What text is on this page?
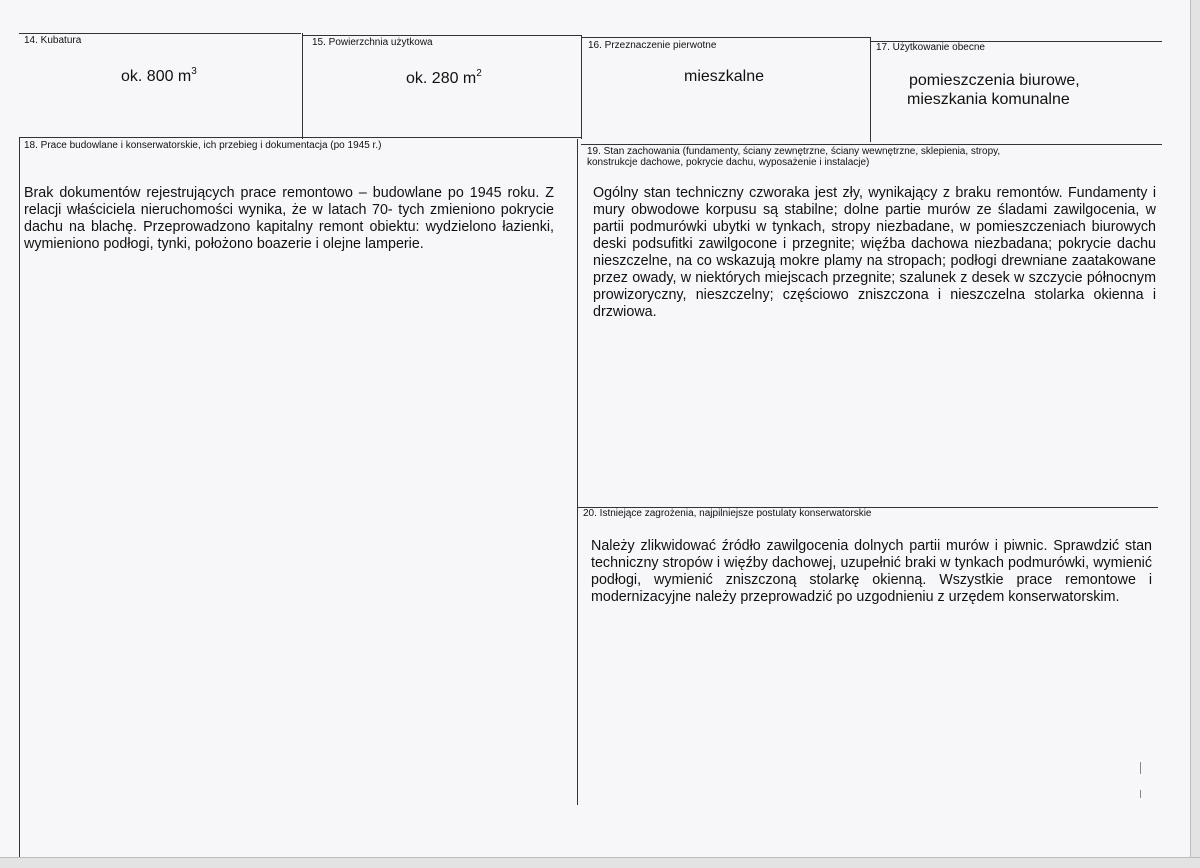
14. Kubatura
ok. 800 $m^3$
15. Powierzchnia użytkowa
ok. 280 $m^2$
16. Przeznaczenie pierwotne
mieszkalne
17. Użytkowanie obecne
pomieszczenia biurowe,
mieszkania komunalne
18. Prace budowlane i konserwatorskie, ich przebieg i dokumentacja (po 1945 r.)
Brak dokumentów rejestrujących prace remontowo – budowlane po 1945 roku. Z relacji właściciela nieruchomości wynika, że w latach 70- tych zmieniono pokrycie dachu na blachę. Przeprowadzono kapitalny remont obiektu: wydzielono łazienki, wymieniono podłogi, tynki, położono boazerie i olejne lamperie.
19. Stan zachowania (fundamenty, ściany zewnętrzne, ściany wewnętrzne, sklepienia, stropy,
konstrukcje dachowe, pokrycie dachu, wyposażenie i instalacje)
Ogólny stan techniczny czworaka jest zły, wynikający z braku remontów. Fundamenty i mury obwodowe korpusu są stabilne; dolne partie murów ze śladami zawilgocenia, w partii podmurówki ubytki w tynkach, stropy niezbadane, w pomieszczeniach biurowych deski podsufitki zawilgocone i przegnite; więźba dachowa niezbadana; pokrycie dachu nieszczelne, na co wskazują mokre plamy na stropach; podłogi drewniane zaatakowane przez owady, w niektórych miejscach przegnite; szalunek z desek w szczycie północnym prowizoryczny, nieszczelny; częściowo zniszczona i nieszczelna stolarka okienna i drzwiowa.
20. Istniejące zagrożenia, najpilniejsze postulaty konserwatorskie
Należy zlikwidować źródło zawilgocenia dolnych partii murów i piwnic. Sprawdzić stan techniczny stropów i więźby dachowej, uzupełnić braki w tynkach podmurówki, wymienić podłogi, wymienić zniszczoną stolarkę okienną. Wszystkie prace remontowe i modernizacyjne należy przeprowadzić po uzgodnieniu z urzędem konserwatorskim.
